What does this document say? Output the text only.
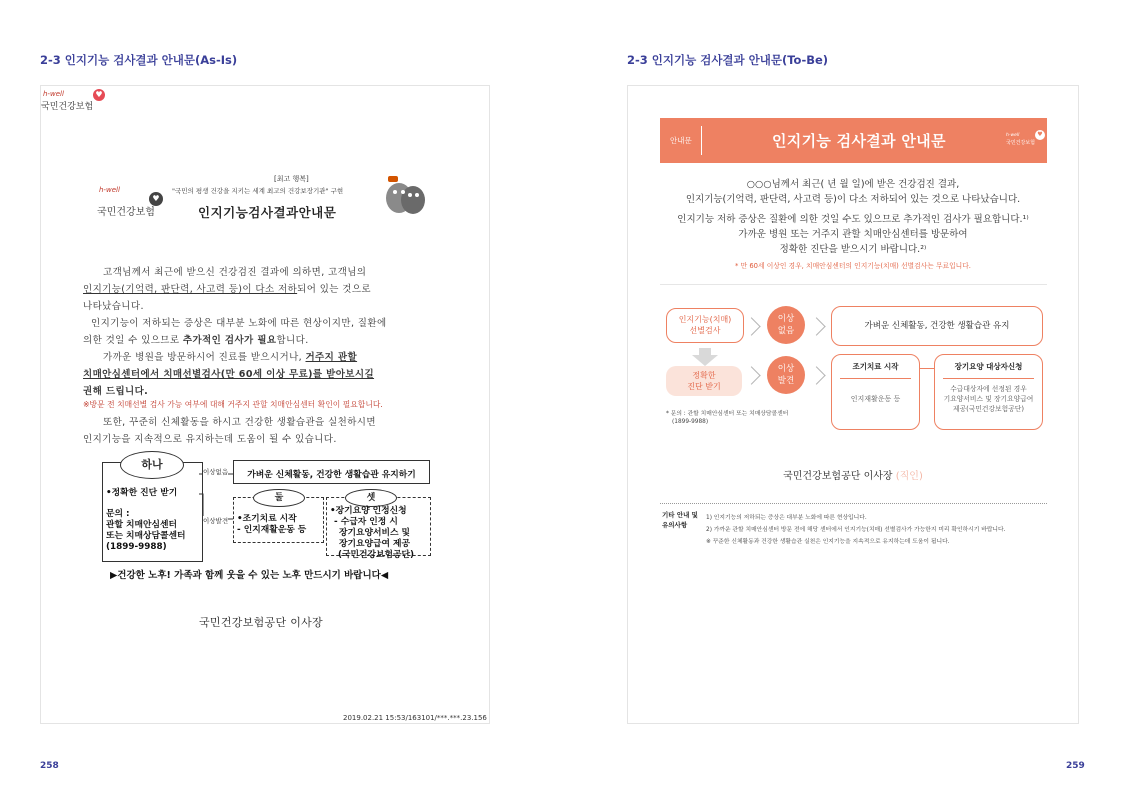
2-3 인지기능 검사결과 안내문(As-Is)
h-well
국민건강보험
♥
[최고 행복]
"국민의 평생 건강을 지키는 세계 최고의 건강보장기관" 구현
h-well
국민건강보험
♥
인지기능검사결과안내문
고객님께서 최근에 받으신 건강검진 결과에 의하면, 고객님의
인지기능(기억력, 판단력, 사고력 등)이 다소 저하되어 있는 것으로
나타났습니다.
인지기능이 저하되는 증상은 대부분 노화에 따른 현상이지만, 질환에
의한 것일 수 있으므로 추가적인 검사가 필요합니다.
가까운 병원을 방문하시어 진료를 받으시거나, 거주지 관할
치매안심센터에서 치매선별검사(만 60세 이상 무료)를 받아보시길
권해 드립니다.
※방문 전 치매선별 검사 가능 여부에 대해 거주지 관할 치매안심센터 확인이 필요합니다.
또한, 꾸준히 신체활동을 하시고 건강한 생활습관을 실천하시면
인지기능을 지속적으로 유지하는데 도움이 될 수 있습니다.
하나
•정확한 진단 받기
문의 :
관할 치매안심센터
또는 치매상담콜센터
(1899-9988)
이상없음
이상발견
가벼운 신체활동, 건강한 생활습관 유지하기
둘
•조기치료 시작
- 인지재활운동 등
셋
•장기요양 인정신청
- 수급자 인정 시
장기요양서비스 및
장기요양급여 제공
(국민건강보험공단)
▶건강한 노후! 가족과 함께 웃을 수 있는 노후 만드시기 바랍니다◀
국민건강보험공단 이사장
2019.02.21 15:53/163101/***.***.23.156
258
2-3 인지기능 검사결과 안내문(To-Be)
안내문	인지기능 검사결과 안내문	h-well
국민건강보험
♥
○○○님께서 최근( 년 월 일)에 받은 건강검진 결과,
인지기능(기억력, 판단력, 사고력 등)이 다소 저하되어 있는 것으로 나타났습니다.
인지기능 저하 증상은 질환에 의한 것일 수도 있으므로 추가적인 검사가 필요합니다.¹⁾
가까운 병원 또는 거주지 관할 치매안심센터를 방문하여
정확한 진단을 받으시기 바랍니다.²⁾
* 만 60세 이상인 경우, 치매안심센터의 인지기능(치매) 선별검사는 무료입니다.
인지기능(치매)
선별검사
정확한
진단 받기
* 문의 : 관할 치매안심센터 또는 치매상담콜센터
(1899-9988)
이상
없음	가벼운 신체활동, 건강한 생활습관 유지
이상
발견
조기치료 시작
인지재활운동 등
장기요양 대상자신청
수급대상자에 선정된 경우
기요양서비스 및 장기요양급여
제공(국민건강보험공단)
국민건강보험공단 이사장 (직인)
기타 안내 및
유의사항
1) 인지기능의 저하되는 증상은 대부분 노화에 따른 현상입니다.
2) 가까운 관할 치매안심센터 방문 전에 해당 센터에서 인지기능(치매) 선별검사가 가능한지 미리 확인하시기 바랍니다.
※ 꾸준한 신체활동과 건강한 생활습관 실천은 인지기능을 지속적으로 유지하는데 도움이 됩니다.
259
